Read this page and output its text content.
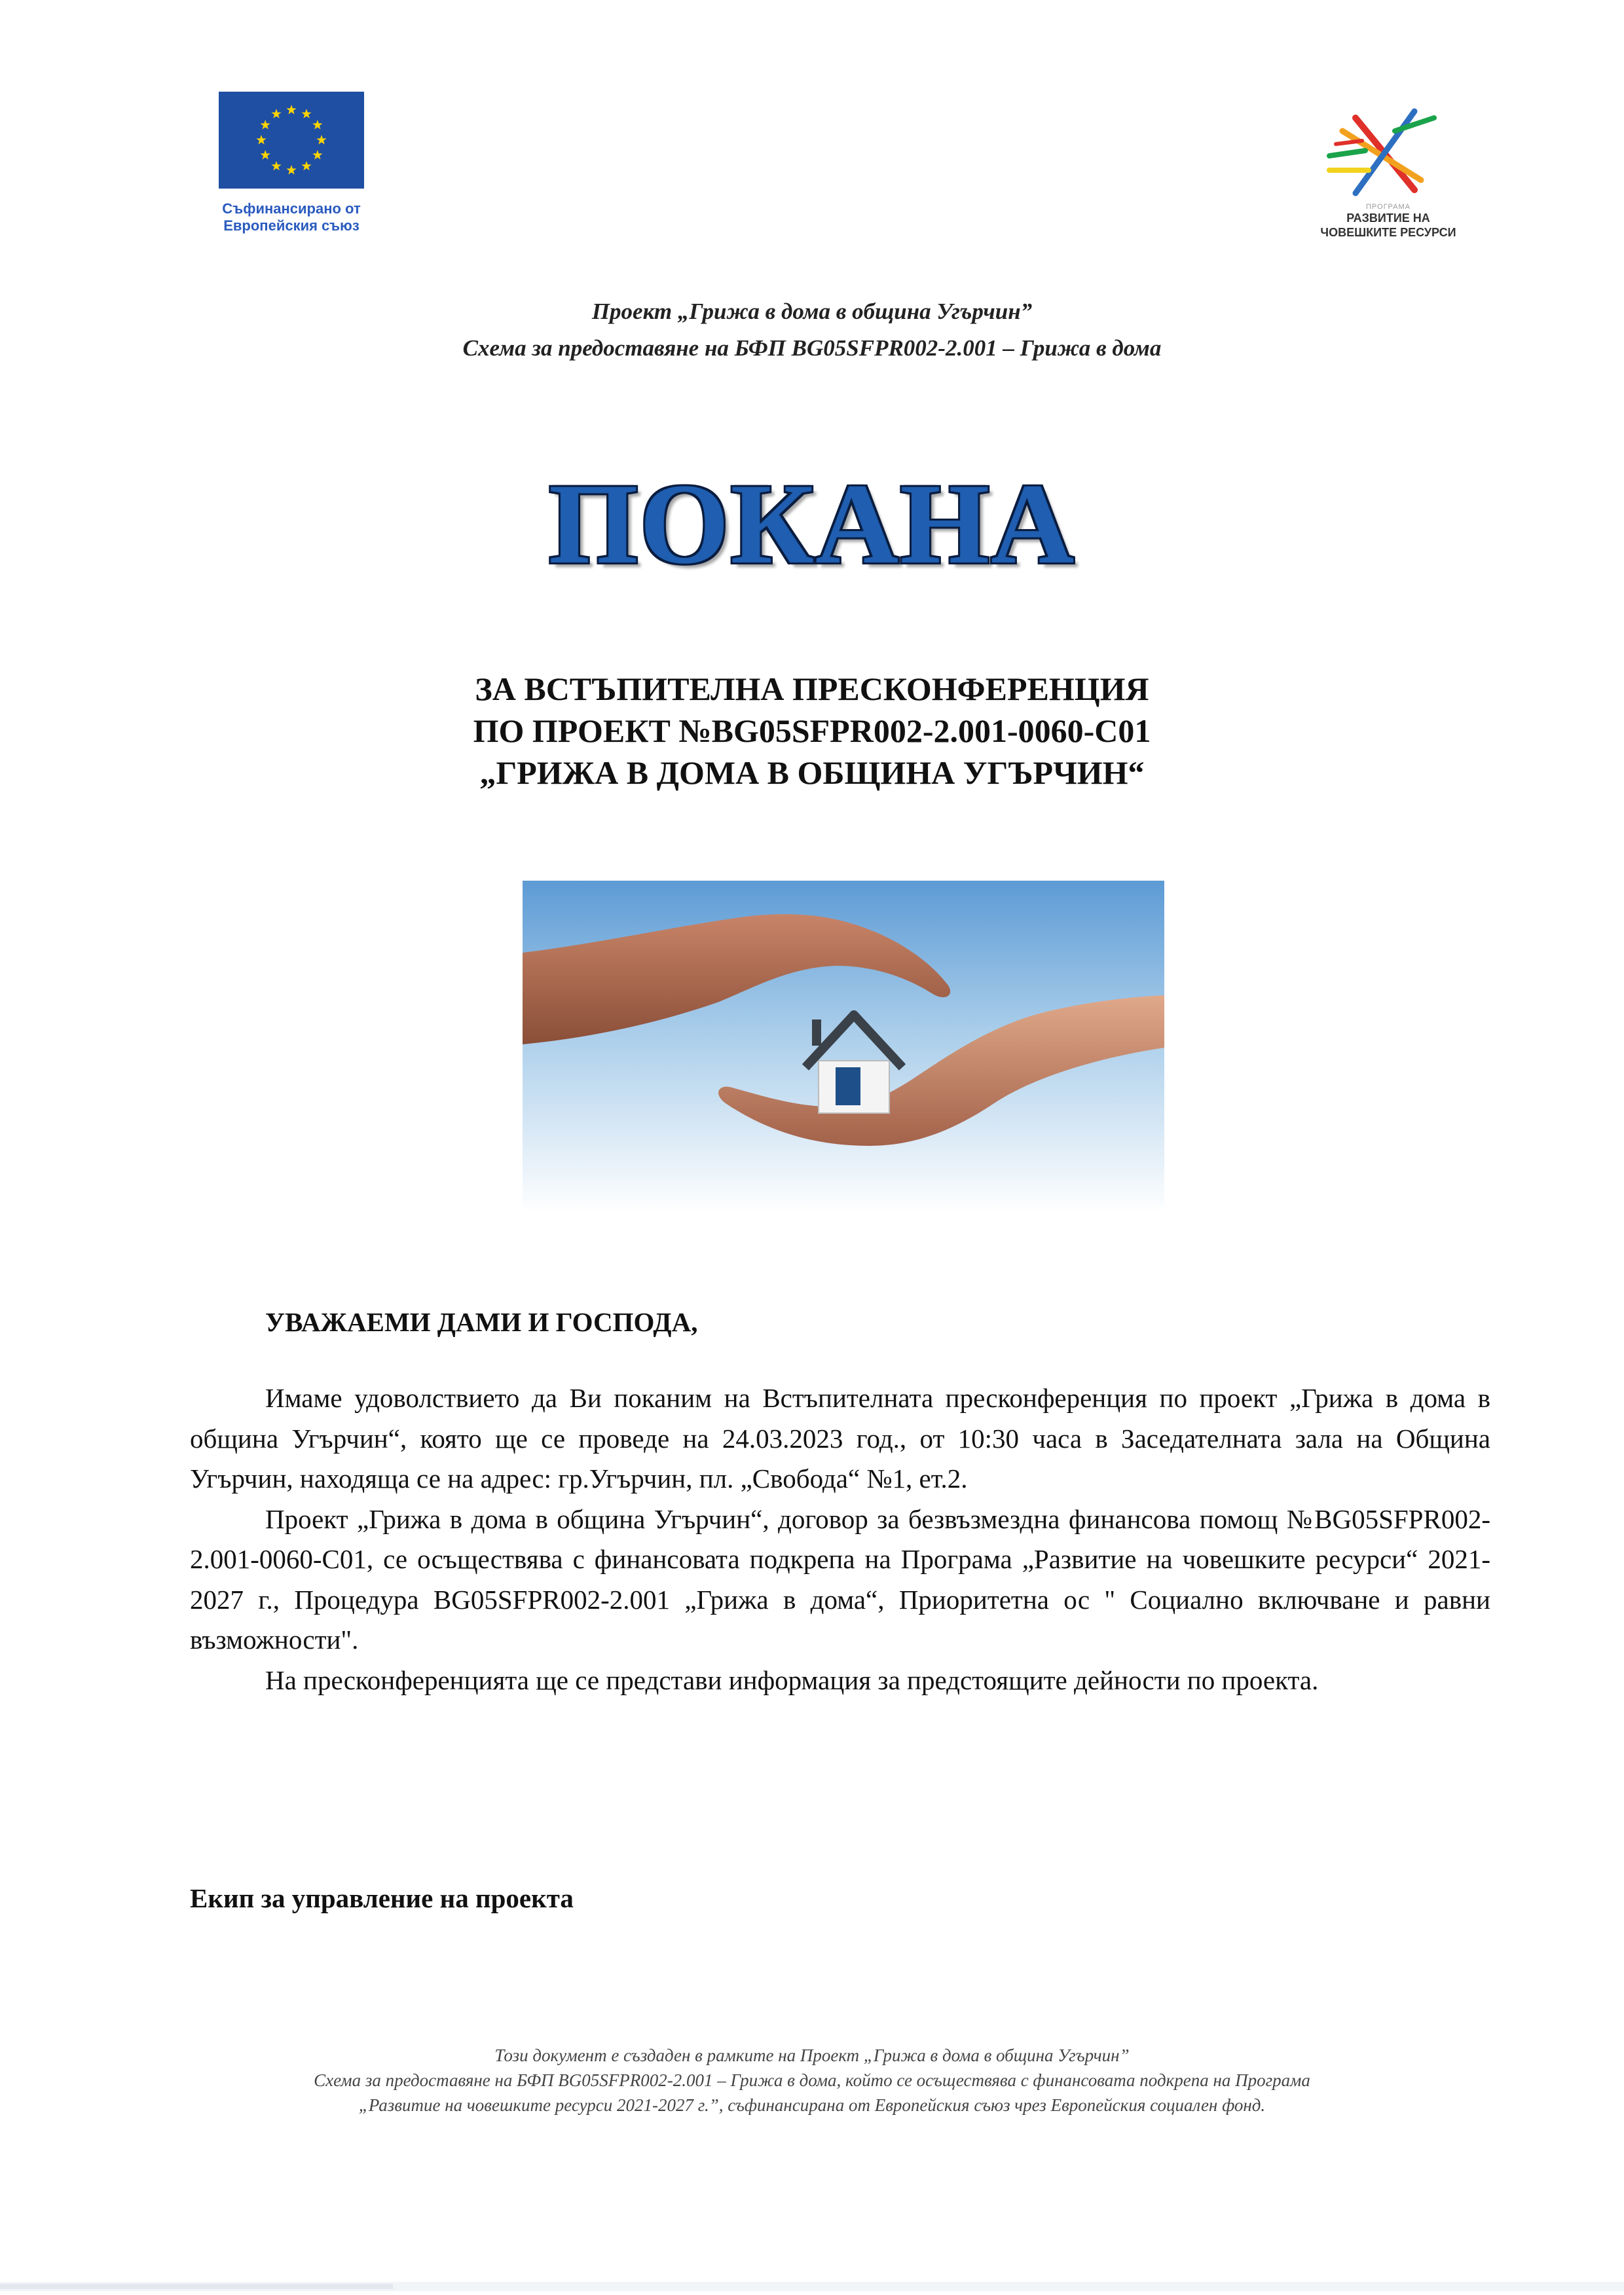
Съфинансирано от
Европейския съюз
ПРОГРАМА
РАЗВИТИЕ НА
ЧОВЕШКИТЕ РЕСУРСИ
Проект „Грижа в дома в община Угърчин”
Схема за предоставяне на БФП BG05SFPR002-2.001 – Грижа в дома
ПОКАНА
ЗА ВСТЪПИТЕЛНА ПРЕСКОНФЕРЕНЦИЯ
ПО ПРОЕКТ №BG05SFPR002-2.001-0060-С01
„ГРИЖА В ДОМА В ОБЩИНА УГЪРЧИН“
УВАЖАЕМИ ДАМИ И ГОСПОДА,

Имаме удоволствието да Ви поканим на Встъпителната пресконференция по проект „Грижа в дома в община Угърчин“, която ще се проведе на 24.03.2023 год., от 10:30 часа в Заседателната зала на Община Угърчин, находяща се на адрес: гр.Угърчин, пл. „Свобода“ №1, ет.2.

Проект „Грижа в дома в община Угърчин“, договор за безвъзмездна финансова помощ №BG05SFPR002-2.001-0060-С01, се осъществява с финансовата подкрепа на Програма „Развитие на човешките ресурси“ 2021-2027 г., Процедура BG05SFPR002-2.001 „Грижа в дома“, Приоритетна ос " Социално включване и равни възможности".

На пресконференцията ще се представи информация за предстоящите дейности по проекта.

Екип за управление на проекта
Този документ е създаден в рамките на Проект „Грижа в дома в община Угърчин”
Схема за предоставяне на БФП BG05SFPR002-2.001 – Грижа в дома, който се осъществява с финансовата подкрепа на Програма
„Развитие на човешките ресурси 2021-2027 г.”, съфинансирана от Европейския съюз чрез Европейския социален фонд.
